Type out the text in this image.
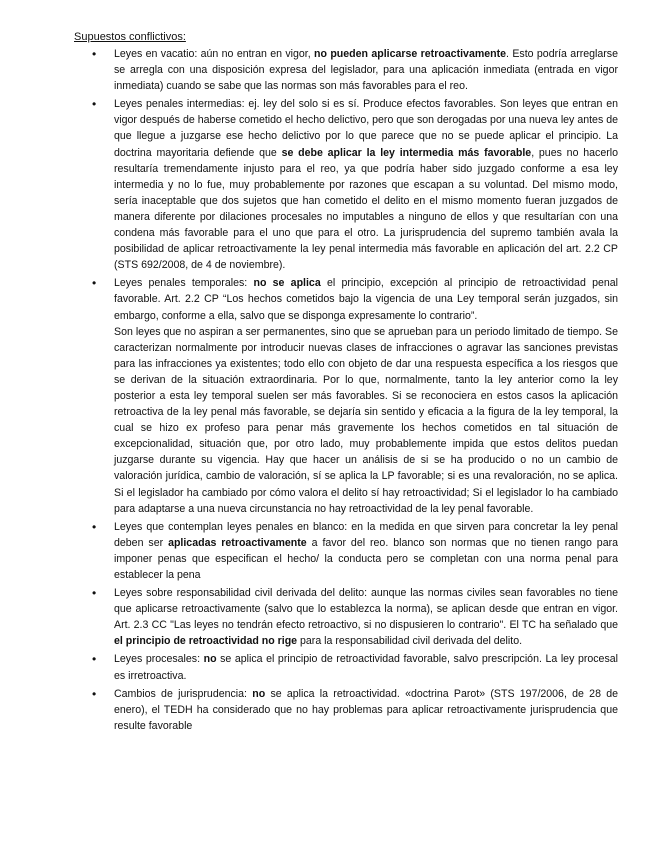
Supuestos conflictivos:
• Leyes en vacatio: aún no entran en vigor, no pueden aplicarse retroactivamente. Esto podría arreglarse se arregla con una disposición expresa del legislador, para una aplicación inmediata (entrada en vigor inmediata) cuando se sabe que las normas son más favorables para el reo.

• Leyes penales intermedias: ej. ley del solo si es sí. Produce efectos favorables. Son leyes que entran en vigor después de haberse cometido el hecho delictivo, pero que son derogadas por una nueva ley antes de que llegue a juzgarse ese hecho delictivo por lo que parece que no se puede aplicar el principio. La doctrina mayoritaria defiende que se debe aplicar la ley intermedia más favorable, pues no hacerlo resultaría tremendamente injusto para el reo, ya que podría haber sido juzgado conforme a esa ley intermedia y no lo fue, muy probablemente por razones que escapan a su voluntad. Del mismo modo, sería inaceptable que dos sujetos que han cometido el delito en el mismo momento fueran juzgados de manera diferente por dilaciones procesales no imputables a ninguno de ellos y que resultarían con una condena más favorable para el uno que para el otro. La jurisprudencia del supremo también avala la posibilidad de aplicar retroactivamente la ley penal intermedia más favorable en aplicación del art. 2.2 CP (STS 692/2008, de 4 de noviembre).

• Leyes penales temporales: no se aplica el principio, excepción al principio de retroactividad penal favorable. Art. 2.2 CP “Los hechos cometidos bajo la vigencia de una Ley temporal serán juzgados, sin embargo, conforme a ella, salvo que se disponga expresamente lo contrario”.

Son leyes que no aspiran a ser permanentes, sino que se aprueban para un periodo limitado de tiempo. Se caracterizan normalmente por introducir nuevas clases de infracciones o agravar las sanciones previstas para las infracciones ya existentes; todo ello con objeto de dar una respuesta específica a los riesgos que se derivan de la situación extraordinaria. Por lo que, normalmente, tanto la ley anterior como la ley posterior a esta ley temporal suelen ser más favorables. Si se reconociera en estos casos la aplicación retroactiva de la ley penal más favorable, se dejaría sin sentido y eficacia a la figura de la ley temporal, la cual se hizo ex profeso para penar más gravemente los hechos cometidos en tal situación de excepcionalidad, situación que, por otro lado, muy probablemente impida que estos delitos puedan juzgarse durante su vigencia. Hay que hacer un análisis de si se ha producido o no un cambio de valoración jurídica, cambio de valoración, sí se aplica la LP favorable; si es una revaloración, no se aplica. Si el legislador ha cambiado por cómo valora el delito sí hay retroactividad; Si el legislador lo ha cambiado para adaptarse a una nueva circunstancia no hay retroactividad de la ley penal favorable.

• Leyes que contemplan leyes penales en blanco: en la medida en que sirven para concretar la ley penal deben ser aplicadas retroactivamente a favor del reo. blanco son normas que no tienen rango para imponer penas que especifican el hecho/ la conducta pero se completan con una norma penal para establecer la pena

• Leyes sobre responsabilidad civil derivada del delito: aunque las normas civiles sean favorables no tiene que aplicarse retroactivamente (salvo que lo establezca la norma), se aplican desde que entran en vigor. Art. 2.3 CC "Las leyes no tendrán efecto retroactivo, si no dispusieren lo contrario". El TC ha señalado que el principio de retroactividad no rige para la responsabilidad civil derivada del delito.

• Leyes procesales: no se aplica el principio de retroactividad favorable, salvo prescripción. La ley procesal es irretroactiva.

• Cambios de jurisprudencia: no se aplica la retroactividad. «doctrina Parot» (STS 197/2006, de 28 de enero), el TEDH ha considerado que no hay problemas para aplicar retroactivamente jurisprudencia que resulte favorable
